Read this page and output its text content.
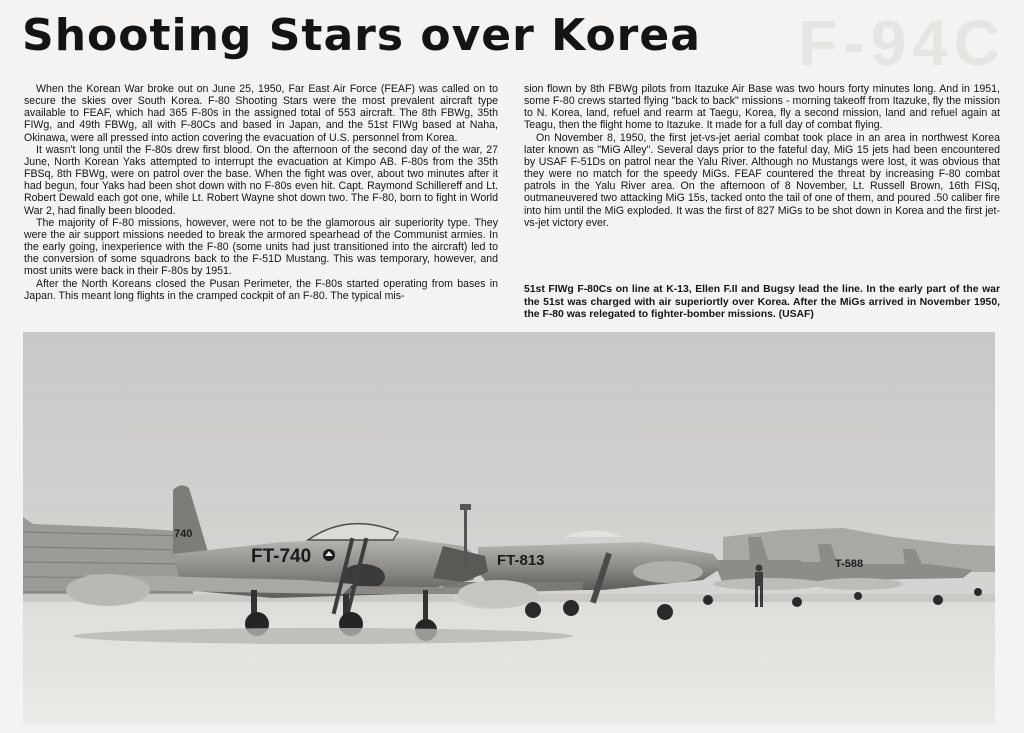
F-94C
Shooting Stars over Korea

When the Korean War broke out on June 25, 1950, Far East Air Force (FEAF) was called on to secure the skies over South Korea. F-80 Shooting Stars were the most prevalent aircraft type available to FEAF, which had 365 F-80s in the assigned total of 553 aircraft. The 8th FBWg, 35th FIWg, and 49th FBWg, all with F-80Cs and based in Japan, and the 51st FIWg based at Naha, Okinawa, were all pressed into action covering the evacuation of U.S. personnel from Korea.

It wasn't long until the F-80s drew first blood. On the afternoon of the second day of the war, 27 June, North Korean Yaks attempted to interrupt the evacuation at Kimpo AB. F-80s from the 35th FBSq, 8th FBWg, were on patrol over the base. When the fight was over, about two minutes after it had begun, four Yaks had been shot down with no F-80s even hit. Capt. Raymond Schillereff and Lt. Robert Dewald each got one, while Lt. Robert Wayne shot down two. The F-80, born to fight in World War 2, had finally been blooded.

The majority of F-80 missions, however, were not to be the glamorous air superiority type. They were the air support missions needed to break the armored spearhead of the Communist armies. In the early going, inexperience with the F-80 (some units had just transitioned into the aircraft) led to the conversion of some squadrons back to the F-51D Mustang. This was temporary, however, and most units were back in their F-80s by 1951.

After the North Koreans closed the Pusan Perimeter, the F-80s started operating from bases in Japan. This meant long flights in the cramped cockpit of an F-80. The typical mis-

sion flown by 8th FBWg pilots from Itazuke Air Base was two hours forty minutes long. And in 1951, some F-80 crews started flying "back to back" missions - morning takeoff from Itazuke, fly the mission to N. Korea, land, refuel and rearm at Taegu, Korea, fly a second mission, land and refuel again at Teagu, then the flight home to Itazuke. It made for a full day of combat flying.

On November 8, 1950, the first jet-vs-jet aerial combat took place in an area in northwest Korea later known as "MiG Alley". Several days prior to the fateful day, MiG 15 jets had been encountered by USAF F-51Ds on patrol near the Yalu River. Although no Mustangs were lost, it was obvious that they were no match for the speedy MiGs. FEAF countered the threat by increasing F-80 combat patrols in the Yalu River area. On the afternoon of 8 November, Lt. Russell Brown, 16th FISq, outmaneuvered two attacking MiG 15s, tacked onto the tail of one of them, and poured .50 caliber fire into him until the MiG exploded. It was the first of 827 MiGs to be shot down in Korea and the first jet-vs-jet victory ever.

51st FIWg F-80Cs on line at K-13, Ellen F.II and Bugsy lead the line. In the early part of the war the 51st was charged with air superiortly over Korea. After the MiGs arrived in November 1950, the F-80 was relegated to fighter-bomber missions. (USAF)
T-588
FT-813
740
FT-740
